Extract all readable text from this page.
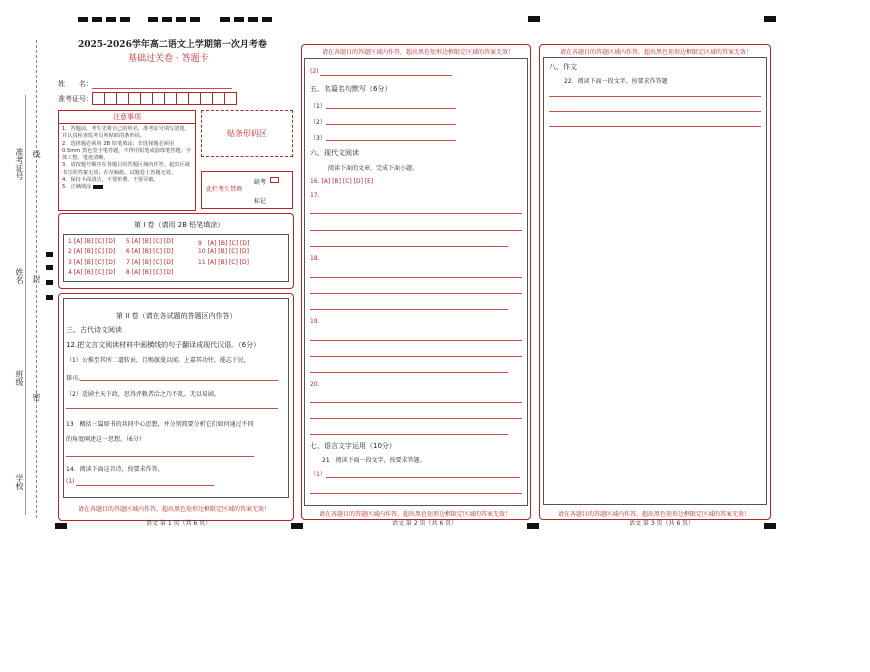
准考证号
姓名
班级
学校
线
封
密
2025-2026学年高二语文上学期第一次月考卷
基础过关卷 · 答题卡
姓　　名：
准考证号：
注意事项
1．答题前，考生先将自己的姓名，准考证号填写清楚，并认真检查监考员所粘贴的条形码。
2．选择题必须用 2B 铅笔填涂；非选择题必须用 0.5mm 黑色签字笔答题，不得用铅笔或圆珠笔答题；字体工整、笔迹清晰。
3．请按题号顺序在各题目的答题区域内作答，超出区域书写的答案无效；在草稿纸、试题卷上答题无效。
4．保持卡面清洁，不要折叠、不要弄破。
5．正确填涂
贴条形码区
此栏考生禁填
缺考
标记
第 I 卷（请用 2B 铅笔填涂）
1 [A] [B] [C] [D]
2 [A] [B] [C] [D]
3 [A] [B] [C] [D]
4 [A] [B] [C] [D]
5 [A] [B] [C] [D]
6 [A] [B] [C] [D]
7 [A] [B] [C] [D]
8 [A] [B] [C] [D]
9　[A] [B] [C] [D]
10 [A] [B] [C] [D]
11 [A] [B] [C] [D]
第 II 卷（请在各试题的答题区内作答）
三、古代诗文阅读
12.把文言文阅读材料中画横线的句子翻译成现代汉语。（6分）
（1）公推至其所二道转贡，且赐旗曼以闻。上嘉其功往，能志于民，
择司。
（2）适剧主天下政，思得评敕者洽之乃不乱。无以易剧。
13　概括三篇原书的共同中心思想，并分别简要分析它们如何通过不同
的角度阐述这一思想。（6分）
14．阅读下面这首诗，按要求作答。
(1)
请在各题目的答题区域内作答，超出黑色矩形边框限定区域的答案无效！
语文 第 1 页（共 6 页）
请在各题目的答题区域内作答，超出黑色矩形边框限定区域的答案无效！
请在各题目的答题区域内作答，超出黑色矩形边框限定区域的答案无效！
语文 第 2 页（共 6 页）
(2)
五、名篇名句默写（6分）
（1）
（2）
（3）
六、现代文阅读
阅读下面的文章，完成下面小题。
16. [A] [B] [C] [D] [E]
17.
18.
19.
20.
七、语言文字运用（10分）
21　阅读下面一段文字，按要求答题。
（1）
请在各题目的答题区域内作答，超出黑色矩形边框限定区域的答案无效！
请在各题目的答题区域内作答，超出黑色矩形边框限定区域的答案无效！
语文 第 3 页（共 6 页）
八、作文
22．阅读下面一段文字，按要求作答题
